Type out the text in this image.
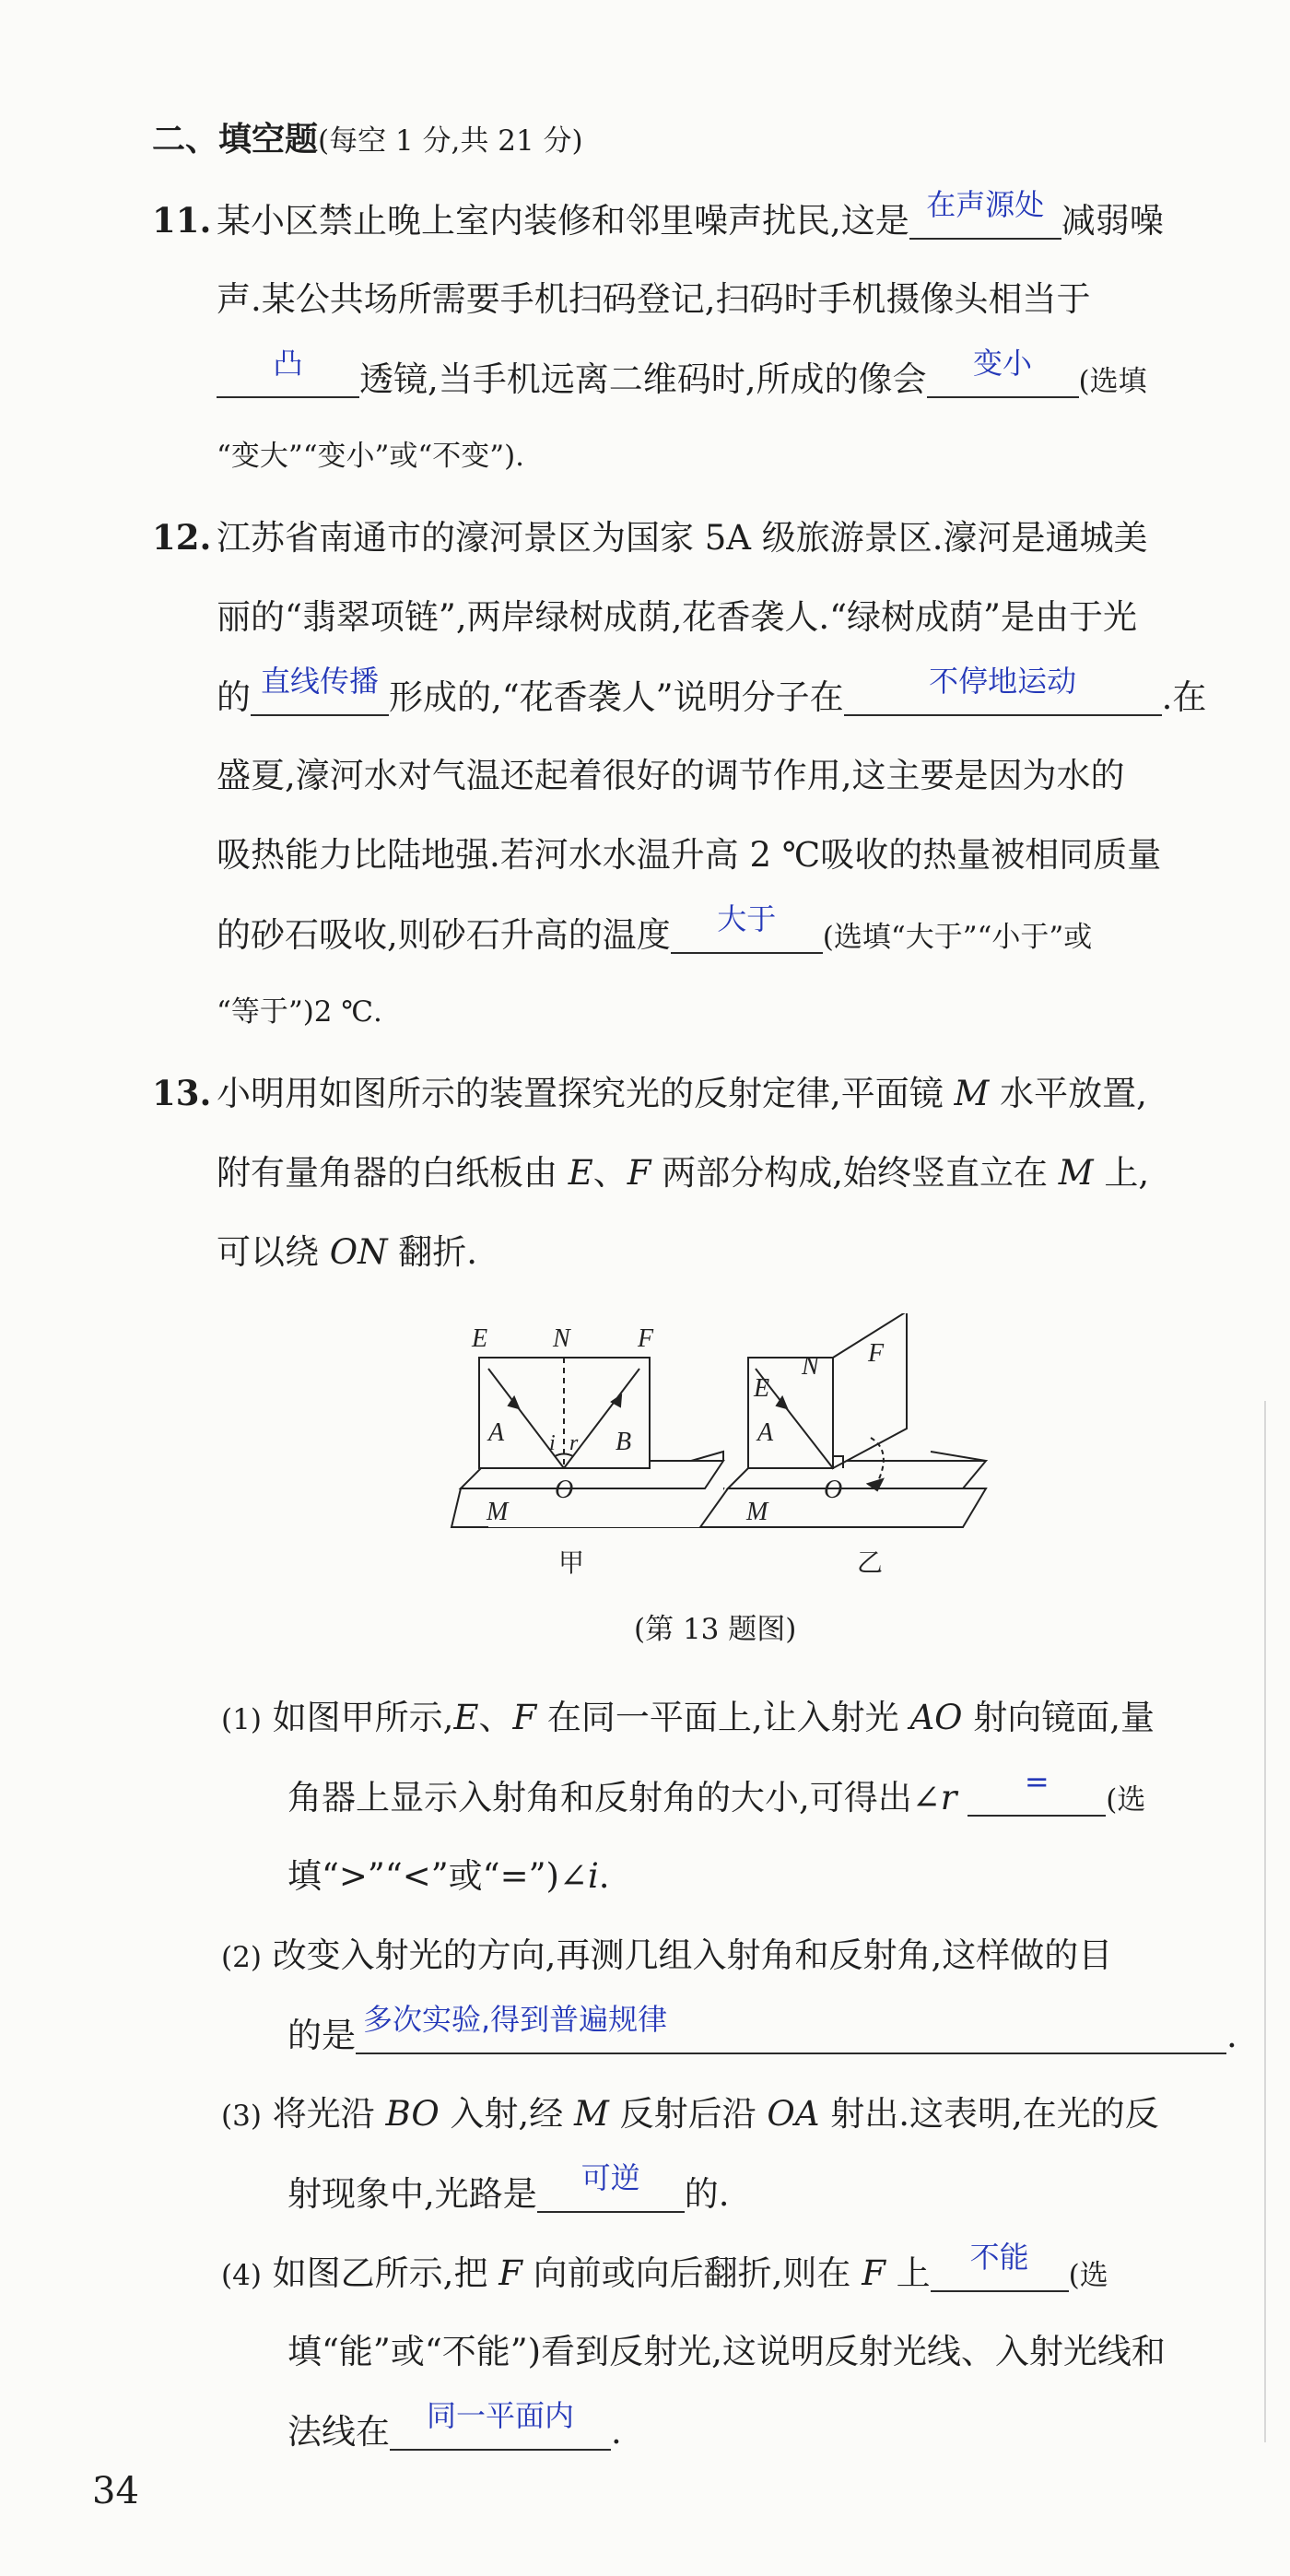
二、填空题(每空 1 分,共 21 分)
11. 某小区禁止晚上室内装修和邻里噪声扰民,这是 在声源处 减弱噪
声.某公共场所需要手机扫码登记,扫码时手机摄像头相当于
凸	透镜,当手机远离二维码时,所成的像会	变小
(选填
“变大”“变小”或“不变”).
12. 江苏省南通市的濠河景区为国家 5A 级旅游景区.濠河是通城美
丽的“翡翠项链”,两岸绿树成荫,花香袭人.“绿树成荫”是由于光
的 直线传播 形成的,“花香袭人”说明分子在	不停地运动	.在
盛夏,濠河水对气温还起着很好的调节作用,这主要是因为水的
吸热能力比陆地强.若河水水温升高 2 ℃吸收的热量被相同质量
的砂石吸收,则砂石升高的温度	大于
(选填“大于”“小于”或
“等于”)2 ℃.
13. 小明用如图所示的装置探究光的反射定律,平面镜 M 水平放置,
附有量角器的白纸板由 E、F 两部分构成,始终竖直立在 M 上,
可以绕 ON 翻折.
E	N	F
A i r B
O
M
甲
E
N F
A
O
M
乙
(第 13 题图)
(1) 如图甲所示,E、F 在同一平面上,让入射光 AO 射向镜面,量
角器上显示入射角和反射角的大小,可得出∠r	=
(选
填“>”“<”或“=”)∠i.
(2) 改变入射光的方向,再测几组入射角和反射角,这样做的目
的是 多次实验,得到普遍规律	.
(3) 将光沿 BO 入射,经 M 反射后沿 OA 射出.这表明,在光的反
射现象中,光路是	可逆	的.
(4) 如图乙所示,把 F 向前或向后翻折,则在 F 上	不能
(选
填“能”或“不能”)看到反射光,这说明反射光线、入射光线和
法线在	同一平面内	.
34
